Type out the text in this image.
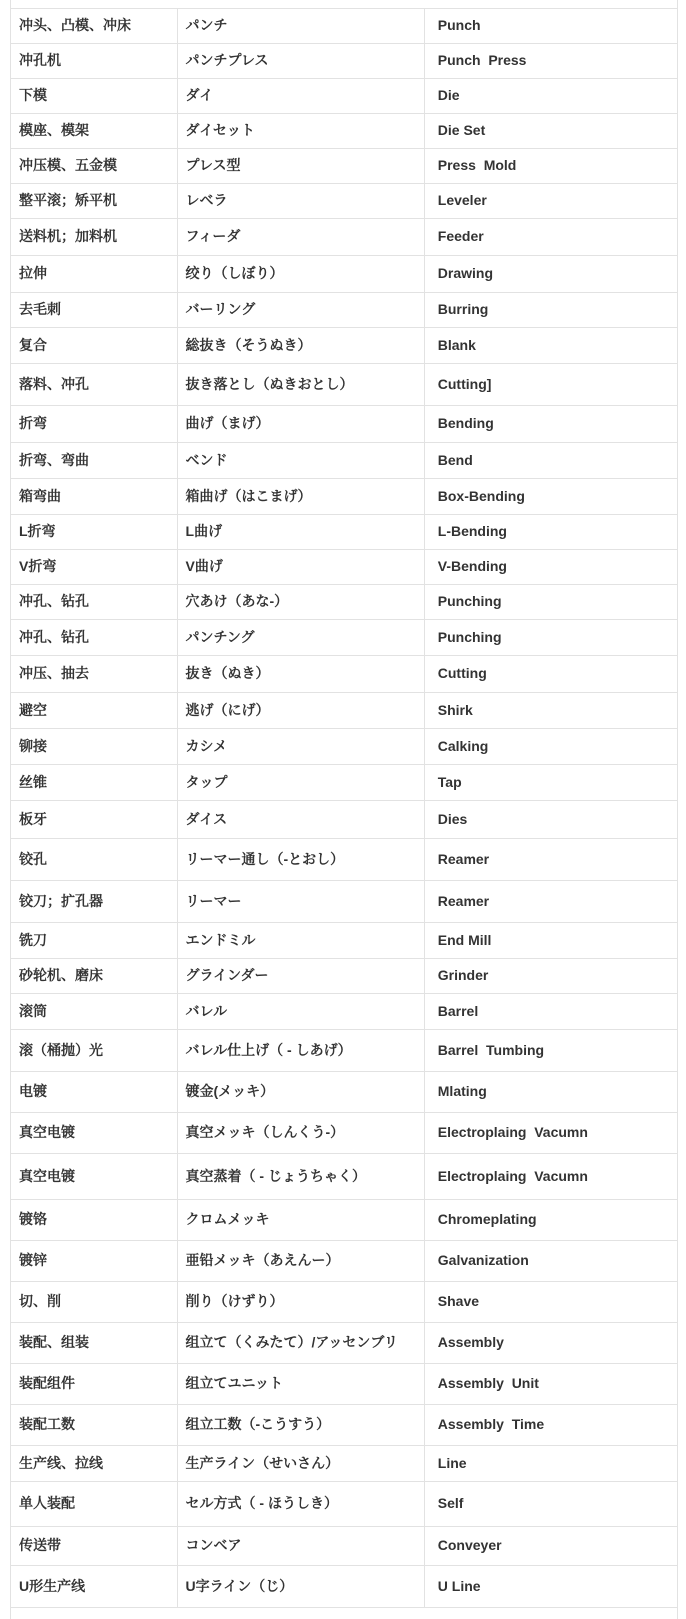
冲头、凸模、冲床	パンチ	Punch
冲孔机	パンチプレス	Punch  Press
下模	ダイ	Die
模座、模架	ダイセット	Die Set
冲压模、五金模	プレス型	Press  Mold
整平滚；矫平机	レベラ	Leveler
送料机；加料机	フィーダ	Feeder
拉伸	绞り（しぼり）	Drawing
去毛刺	バーリング	Burring
复合	総抜き（そうぬき）	Blank
落料、冲孔	抜き落とし（ぬきおとし）	Cutting]
折弯	曲げ（まげ）	Bending
折弯、弯曲	ベンド	Bend
箱弯曲	箱曲げ（はこまげ）	Box-Bending
L折弯	L曲げ	L-Bending
V折弯	V曲げ	V-Bending
冲孔、钻孔	穴あけ（あな-）	Punching
冲孔、钻孔	パンチング	Punching
冲压、抽去	抜き（ぬき）	Cutting
避空	逃げ（にげ）	Shirk
铆接	カシメ	Calking
丝锥	タップ	Tap
板牙	ダイス	Dies
铰孔	リーマー通し（-とおし）	Reamer
铰刀；扩孔器	リーマー	Reamer
铣刀	エンドミル	End Mill
砂轮机、磨床	グラインダー	Grinder
滚筒	バレル	Barrel
滚（桶抛）光	バレル仕上げ（ - しあげ）	Barrel  Tumbing
电镀	镀金(メッキ）	Mlating
真空电镀	真空メッキ（しんくう-）	Electroplaing  Vacumn
真空电镀	真空蒸着（ - じょうちゃく）	Electroplaing  Vacumn
镀铬	クロムメッキ	Chromeplating
镀锌	亜铅メッキ（あえんー）	Galvanization
切、削	削り（けずり）	Shave
装配、组装	组立て（くみたて）/アッセンブリ	Assembly
装配组件	组立てユニット	Assembly  Unit
装配工数	组立工数（-こうすう）	Assembly  Time
生产线、拉线	生产ライン（せいさん）	Line
单人装配	セル方式（ - ほうしき）	Self
传送带	コンベア	Conveyer
U形生产线	U字ライン（じ）	U Line
